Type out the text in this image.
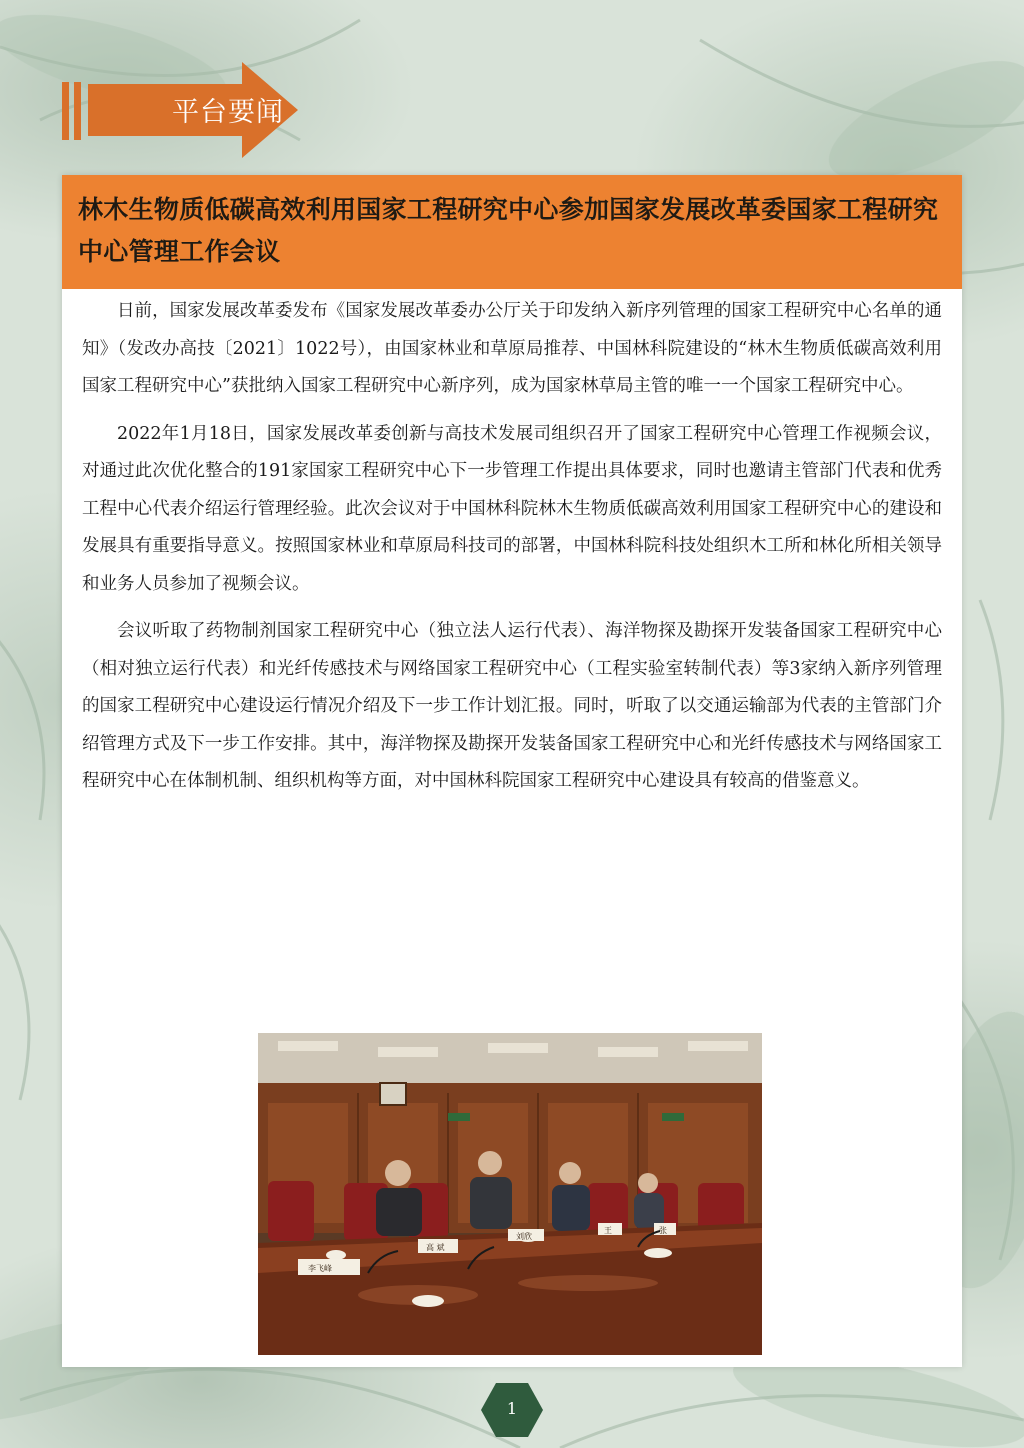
平台要闻
林木生物质低碳高效利用国家工程研究中心参加国家发展改革委国家工程研究中心管理工作会议

日前，国家发展改革委发布《国家发展改革委办公厅关于印发纳入新序列管理的国家工程研究中心名单的通知》（发改办高技〔2021〕1022号），由国家林业和草原局推荐、中国林科院建设的“林木生物质低碳高效利用国家工程研究中心”获批纳入国家工程研究中心新序列，成为国家林草局主管的唯一一个国家工程研究中心。

2022年1月18日，国家发展改革委创新与高技术发展司组织召开了国家工程研究中心管理工作视频会议，对通过此次优化整合的191家国家工程研究中心下一步管理工作提出具体要求，同时也邀请主管部门代表和优秀工程中心代表介绍运行管理经验。此次会议对于中国林科院林木生物质低碳高效利用国家工程研究中心的建设和发展具有重要指导意义。按照国家林业和草原局科技司的部署，中国林科院科技处组织木工所和林化所相关领导和业务人员参加了视频会议。

会议听取了药物制剂国家工程研究中心（独立法人运行代表）、海洋物探及勘探开发装备国家工程研究中心（相对独立运行代表）和光纤传感技术与网络国家工程研究中心（工程实验室转制代表）等3家纳入新序列管理的国家工程研究中心建设运行情况介绍及下一步工作计划汇报。同时，听取了以交通运输部为代表的主管部门介绍管理方式及下一步工作安排。其中，海洋物探及勘探开发装备国家工程研究中心和光纤传感技术与网络国家工程研究中心在体制机制、组织机构等方面，对中国林科院国家工程研究中心建设具有较高的借鉴意义。

李飞峰
高 斌
刘欣
王	张
1
